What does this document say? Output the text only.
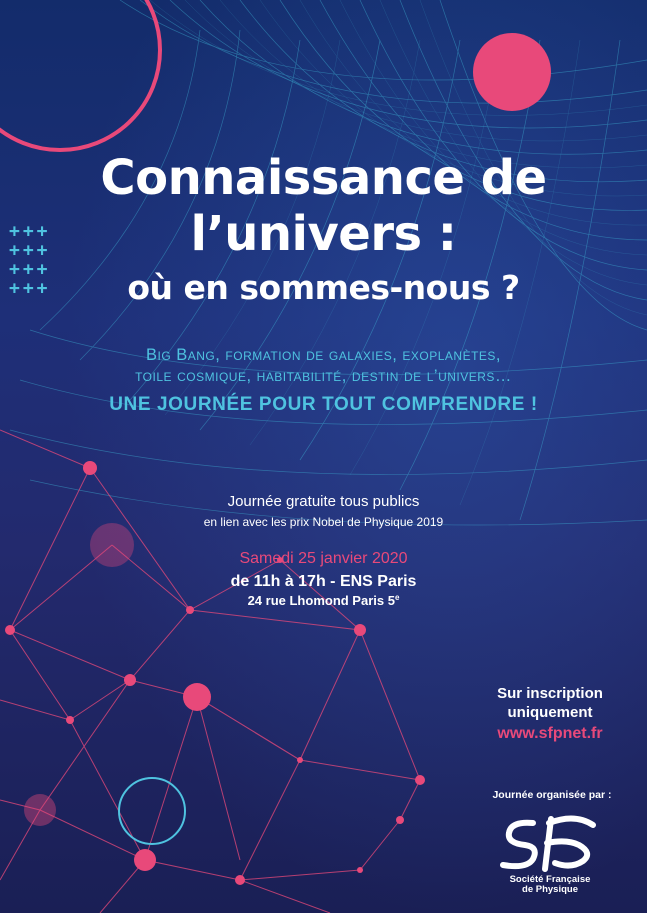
+++
+++
+++
+++
Connaissance de
l’univers :
où en sommes-nous ?
Big Bang, formation de galaxies, exoplanètes,
toile cosmique, habitabilité, destin de l’univers…
UNE JOURNÉE POUR TOUT COMPRENDRE !
Journée gratuite tous publics
en lien avec les prix Nobel de Physique 2019
Samedi 25 janvier 2020
de 11h à 17h - ENS Paris
24 rue Lhomond Paris 5e
Sur inscription
uniquement
www.sfpnet.fr
Journée organisée par :
Société Française
de Physique
